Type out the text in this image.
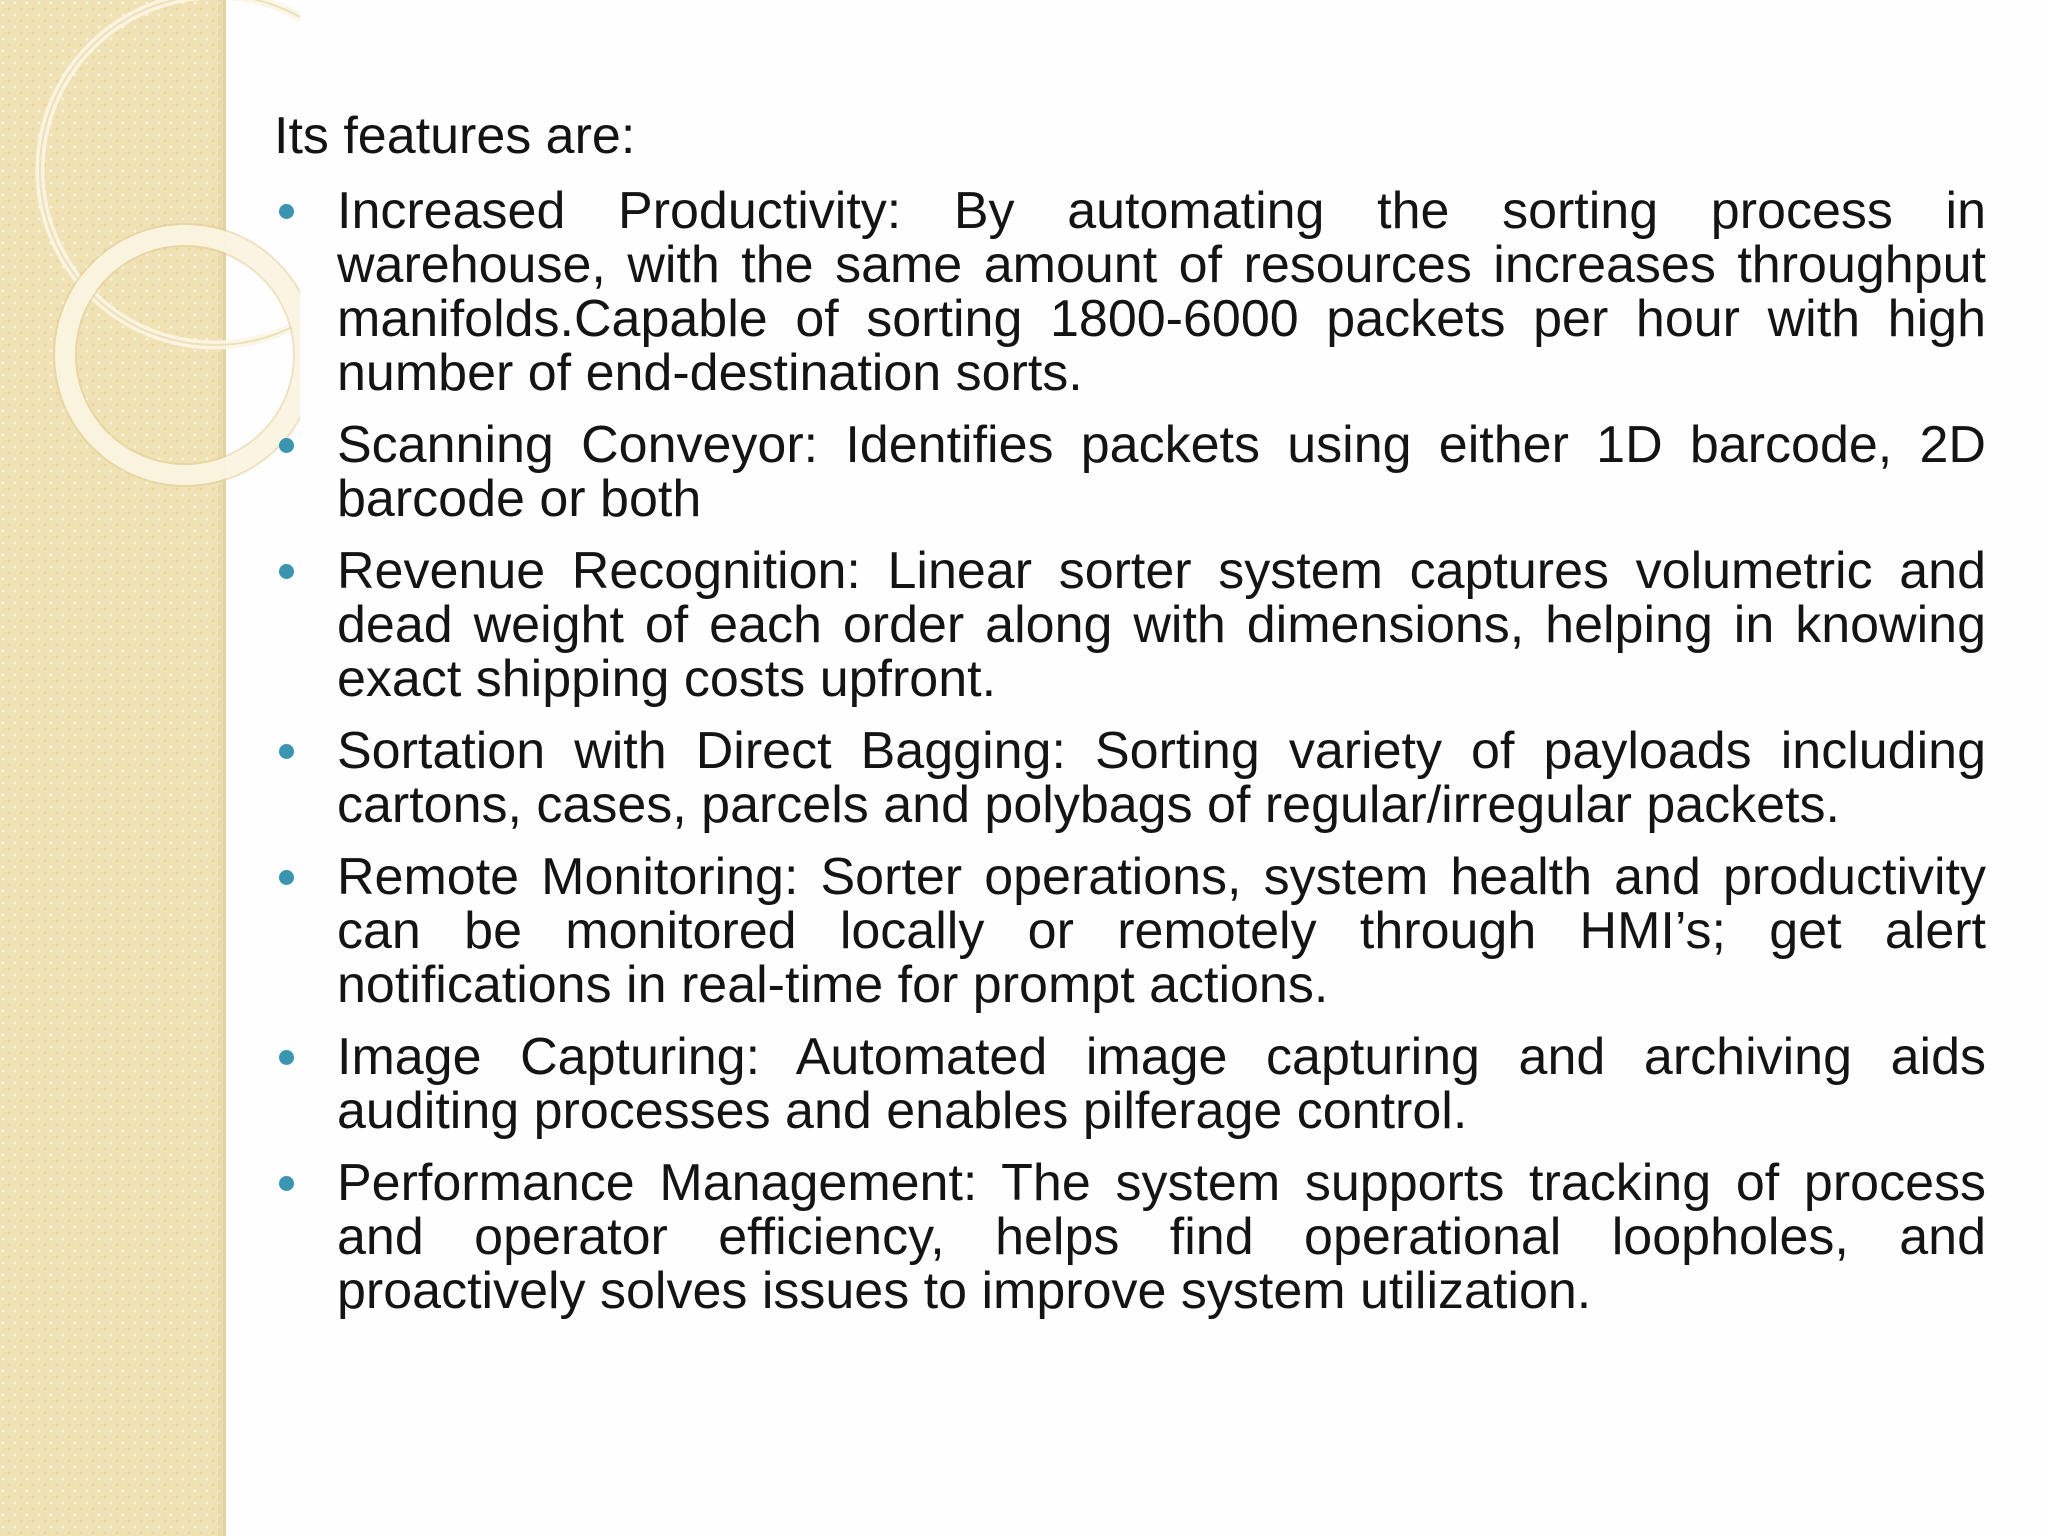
Its features are:
Increased Productivity: By automating the sorting process in warehouse, with the same amount of resources increases throughput manifolds.Capable of sorting 1800-6000 packets per hour with high number of end-destination sorts.
Scanning Conveyor: Identifies packets using either 1D barcode, 2D barcode or both
Revenue Recognition: Linear sorter system captures volumetric and dead weight of each order along with dimensions, helping in knowing exact shipping costs upfront.
Sortation with Direct Bagging: Sorting variety of payloads including cartons, cases, parcels and polybags of regular/irregular packets.
Remote Monitoring: Sorter operations, system health and productivity can be monitored locally or remotely through HMI’s; get alert notifications in real-time for prompt actions.
Image Capturing: Automated image capturing and archiving aids auditing processes and enables pilferage control.
Performance Management: The system supports tracking of process and operator efficiency, helps find operational loopholes, and proactively solves issues to improve system utilization.
